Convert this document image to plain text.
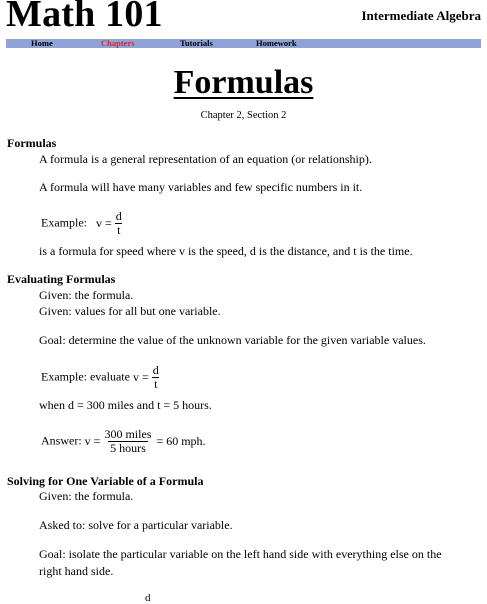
Math 101	Intermediate Algebra
Home	Chapters	Tutorials	Homework
Formulas
Chapter 2, Section 2
Formulas
A formula is a general representation of an equation (or relationship).
A formula will have many variables and few specific numbers in it.
Example: $v = \frac{d}{t}$
is a formula for speed where v is the speed, d is the distance, and t is the time.
Evaluating Formulas
Given: the formula.
Given: values for all but one variable.
Goal: determine the value of the unknown variable for the given variable values.
Example: evaluate $v = \frac{d}{t}$
when d = 300 miles and t = 5 hours.
Answer: $v = \frac{\text{300 miles}}{\text{5 hours}} = 60$ mph.
Solving for One Variable of a Formula
Given: the formula.
Asked to: solve for a particular variable.
Goal: isolate the particular variable on the left hand side with everything else on the
right hand side.
d
